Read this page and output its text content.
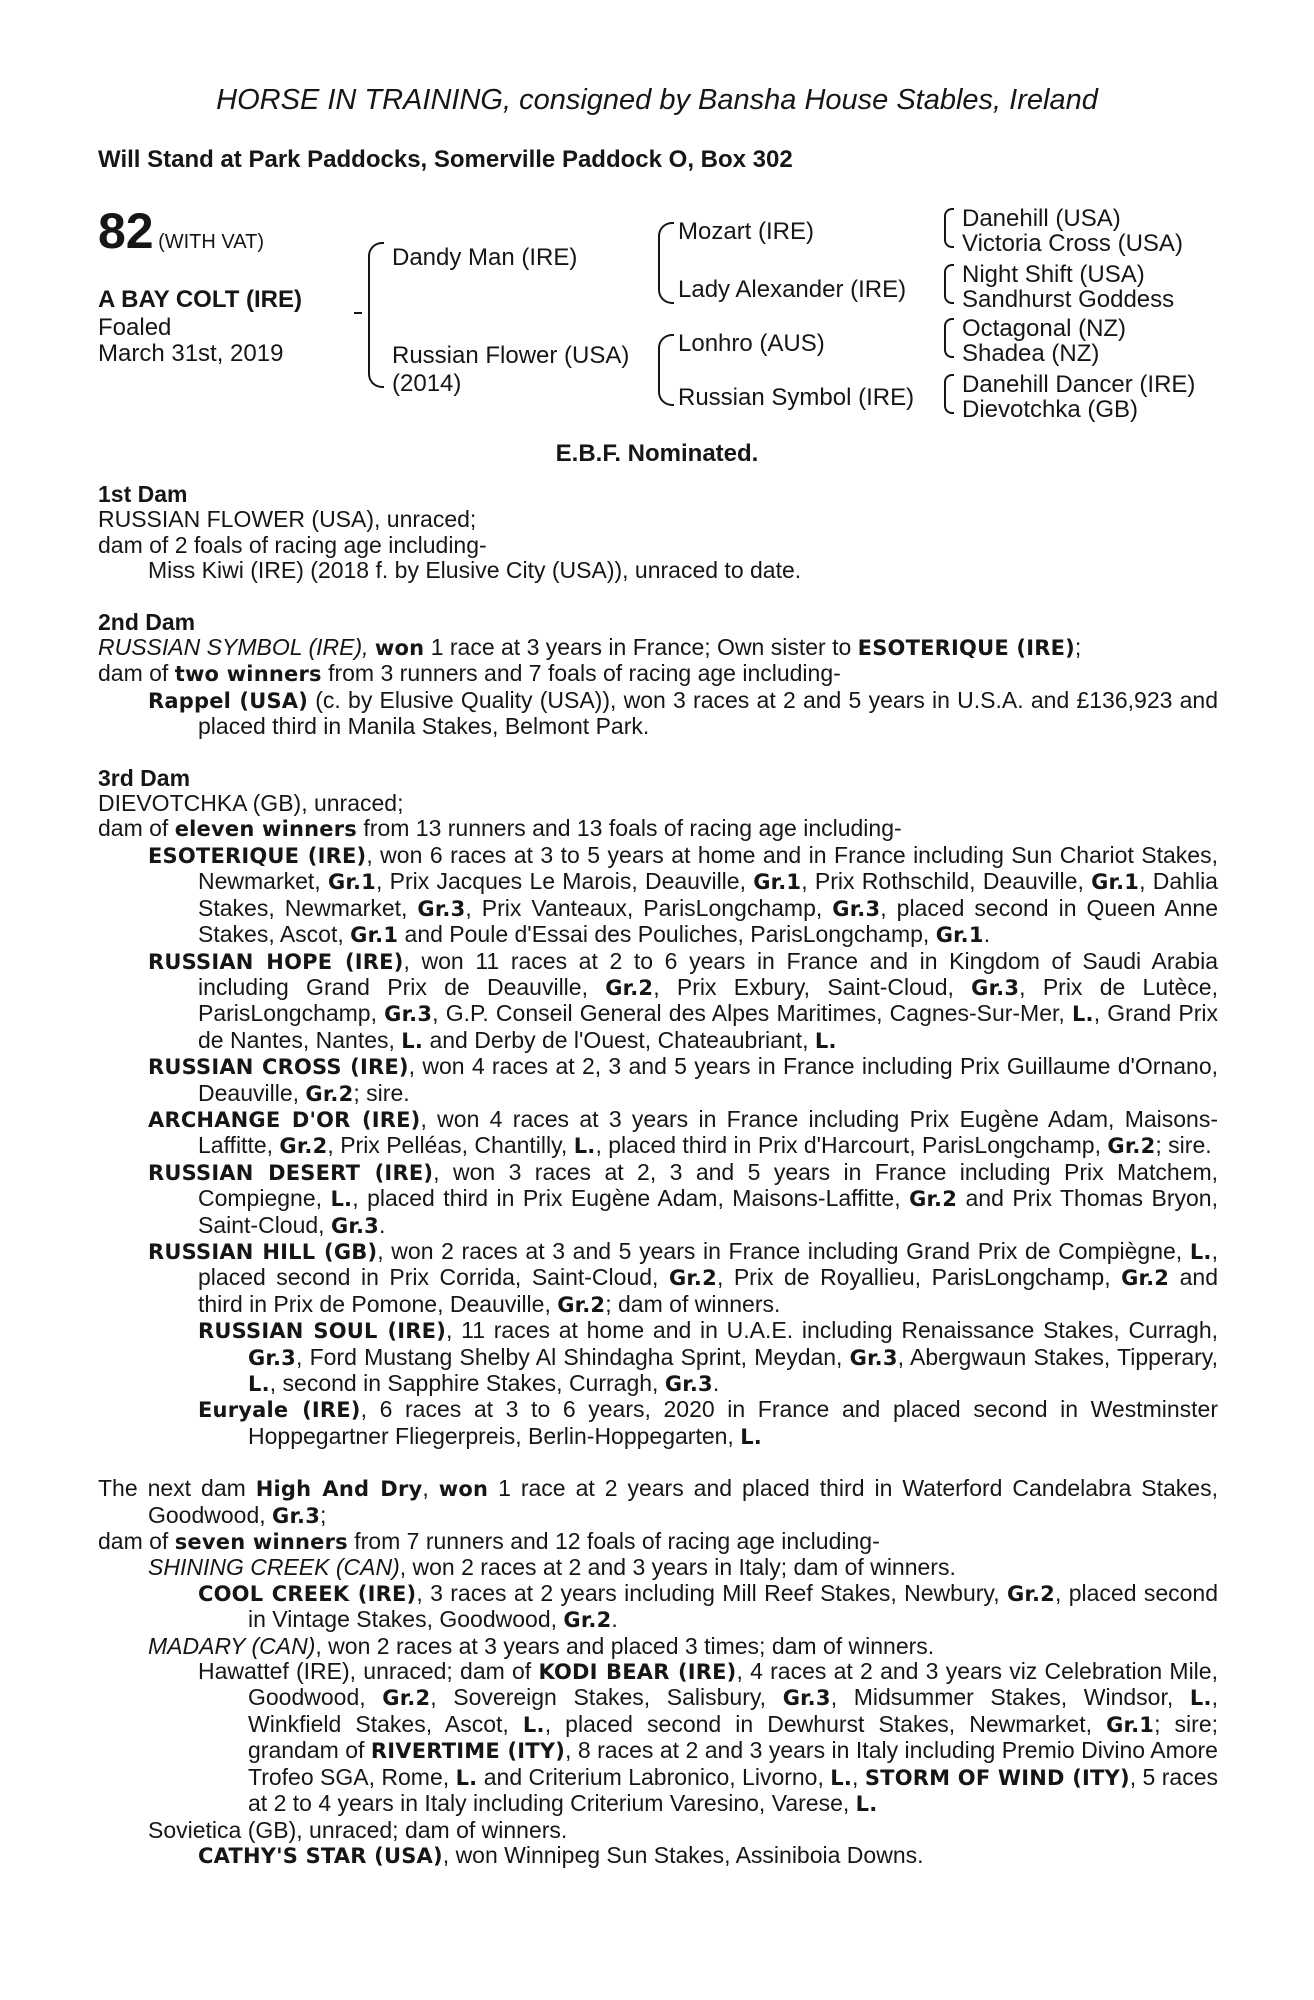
HORSE IN TRAINING, consigned by Bansha House Stables, Ireland
Will Stand at Park Paddocks, Somerville Paddock O, Box 302
82 (WITH VAT)
A BAY COLT (IRE)
Foaled
March 31st, 2019
Dandy Man (IRE)
Russian Flower (USA)
(2014)
Mozart (IRE)
Lady Alexander (IRE)
Lonhro (AUS)
Russian Symbol (IRE)
Danehill (USA)
Victoria Cross (USA)
Night Shift (USA)
Sandhurst Goddess
Octagonal (NZ)
Shadea (NZ)
Danehill Dancer (IRE)
Dievotchka (GB)
E.B.F. Nominated.

1st Dam

RUSSIAN FLOWER (USA), unraced;

dam of 2 foals of racing age including-

Miss Kiwi (IRE) (2018 f. by Elusive City (USA)), unraced to date.

2nd Dam

RUSSIAN SYMBOL (IRE), won 1 race at 3 years in France; Own sister to ESOTERIQUE (IRE);

dam of two winners from 3 runners and 7 foals of racing age including-

Rappel (USA) (c. by Elusive Quality (USA)), won 3 races at 2 and 5 years in U.S.A. and £136,923 and placed third in Manila Stakes, Belmont Park.

3rd Dam

DIEVOTCHKA (GB), unraced;

dam of eleven winners from 13 runners and 13 foals of racing age including-

ESOTERIQUE (IRE), won 6 races at 3 to 5 years at home and in France including Sun Chariot Stakes, Newmarket, Gr.1, Prix Jacques Le Marois, Deauville, Gr.1, Prix Rothschild, Deauville, Gr.1, Dahlia Stakes, Newmarket, Gr.3, Prix Vanteaux, ParisLongchamp, Gr.3, placed second in Queen Anne Stakes, Ascot, Gr.1 and Poule d'Essai des Pouliches, ParisLongchamp, Gr.1.

RUSSIAN HOPE (IRE), won 11 races at 2 to 6 years in France and in Kingdom of Saudi Arabia including Grand Prix de Deauville, Gr.2, Prix Exbury, Saint-Cloud, Gr.3, Prix de Lutèce, ParisLongchamp, Gr.3, G.P. Conseil General des Alpes Maritimes, Cagnes-Sur-Mer, L., Grand Prix de Nantes, Nantes, L. and Derby de l'Ouest, Chateaubriant, L.

RUSSIAN CROSS (IRE), won 4 races at 2, 3 and 5 years in France including Prix Guillaume d'Ornano, Deauville, Gr.2; sire.

ARCHANGE D'OR (IRE), won 4 races at 3 years in France including Prix Eugène Adam, Maisons-Laffitte, Gr.2, Prix Pelléas, Chantilly, L., placed third in Prix d'Harcourt, ParisLongchamp, Gr.2; sire.

RUSSIAN DESERT (IRE), won 3 races at 2, 3 and 5 years in France including Prix Matchem, Compiegne, L., placed third in Prix Eugène Adam, Maisons-Laffitte, Gr.2 and Prix Thomas Bryon, Saint-Cloud, Gr.3.

RUSSIAN HILL (GB), won 2 races at 3 and 5 years in France including Grand Prix de Compiègne, L., placed second in Prix Corrida, Saint-Cloud, Gr.2, Prix de Royallieu, ParisLongchamp, Gr.2 and third in Prix de Pomone, Deauville, Gr.2; dam of winners.

RUSSIAN SOUL (IRE), 11 races at home and in U.A.E. including Renaissance Stakes, Curragh, Gr.3, Ford Mustang Shelby Al Shindagha Sprint, Meydan, Gr.3, Abergwaun Stakes, Tipperary, L., second in Sapphire Stakes, Curragh, Gr.3.

Euryale (IRE), 6 races at 3 to 6 years, 2020 in France and placed second in Westminster Hoppegartner Fliegerpreis, Berlin-Hoppegarten, L.

The next dam High And Dry, won 1 race at 2 years and placed third in Waterford Candelabra Stakes, Goodwood, Gr.3;

dam of seven winners from 7 runners and 12 foals of racing age including-

SHINING CREEK (CAN), won 2 races at 2 and 3 years in Italy; dam of winners.

COOL CREEK (IRE), 3 races at 2 years including Mill Reef Stakes, Newbury, Gr.2, placed second in Vintage Stakes, Goodwood, Gr.2.

MADARY (CAN), won 2 races at 3 years and placed 3 times; dam of winners.

Hawattef (IRE), unraced; dam of KODI BEAR (IRE), 4 races at 2 and 3 years viz Celebration Mile, Goodwood, Gr.2, Sovereign Stakes, Salisbury, Gr.3, Midsummer Stakes, Windsor, L., Winkfield Stakes, Ascot, L., placed second in Dewhurst Stakes, Newmarket, Gr.1; sire; grandam of RIVERTIME (ITY), 8 races at 2 and 3 years in Italy including Premio Divino Amore Trofeo SGA, Rome, L. and Criterium Labronico, Livorno, L., STORM OF WIND (ITY), 5 races at 2 to 4 years in Italy including Criterium Varesino, Varese, L.

Sovietica (GB), unraced; dam of winners.

CATHY'S STAR (USA), won Winnipeg Sun Stakes, Assiniboia Downs.
